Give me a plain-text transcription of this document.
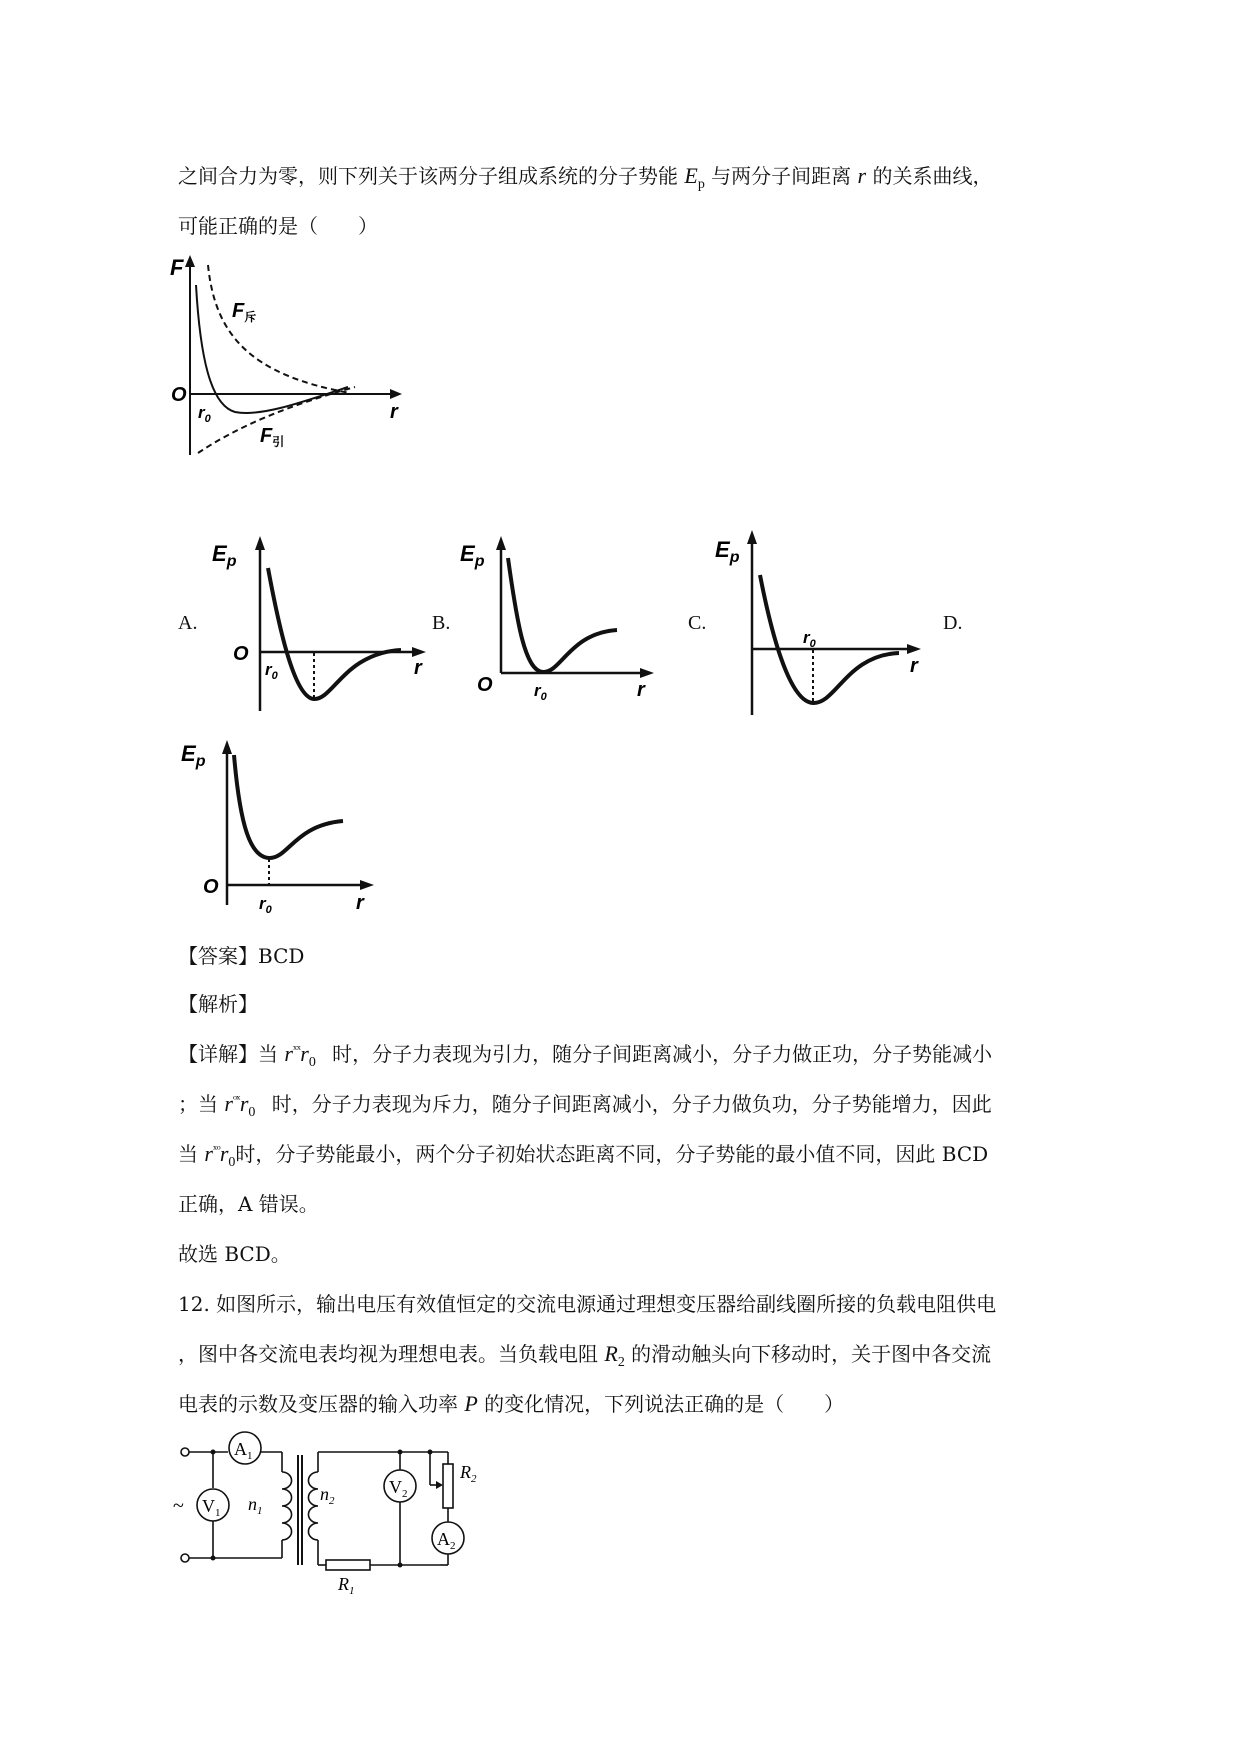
之间合力为零，则下列关于该两分子组成系统的分子势能 $E_p$ 与两分子间距离 r 的关系曲线，
可能正确的是（　　）
F
O
r
$r_0$
$F_斥$
$F_引$
A.	B.	C.	D.
$E_p$
O
r
$r_0$
$E_p$
O	r
$r_0$
$E_p$
r
$r_0$
$E_p$
O
r
$r_0$
【答案】BCD
【解析】
【详解】当 $r^{ˣˣ}r_0$ 时，分子力表现为引力，随分子间距离减小，分子力做正功，分子势能减小
；当 $r^{ᵒˣ}r_0$ 时，分子力表现为斥力，随分子间距离减小，分子力做负功，分子势能增力，因此
当 $r^{ˣᵒ}r_0$时，分子势能最小，两个分子初始状态距离不同，分子势能的最小值不同，因此 BCD
正确，A 错误。
故选 BCD。
12. 如图所示，输出电压有效值恒定的交流电源通过理想变压器给副线圈所接的负载电阻供电
，图中各交流电表均视为理想电表。当负载电阻 $R_2$ 的滑动触头向下移动时，关于图中各交流
电表的示数及变压器的输入功率 P 的变化情况，下列说法正确的是（　　）
~
$A_1$
$V_1$ $n_1$
$n_2$
$R_1$
$V_2$
$R_2$
$A_2$
